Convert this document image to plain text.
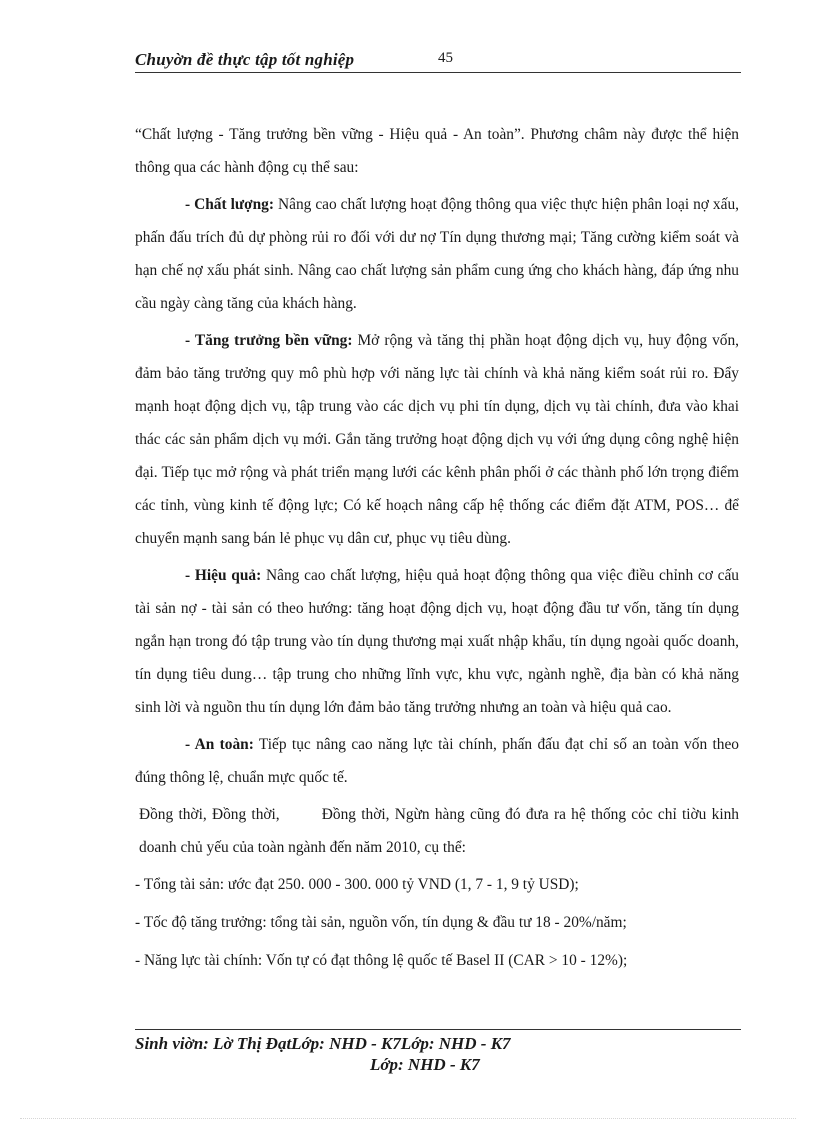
Chuyờn đề thực tập tốt nghiệp	45

“Chất lượng - Tăng trưởng bền vững - Hiệu quả - An toàn”. Phương châm này được thể hiện thông qua các hành động cụ thể sau:

- Chất lượng: Nâng cao chất lượng hoạt động thông qua việc thực hiện phân loại nợ xấu, phấn đấu trích đủ dự phòng rủi ro đối với dư nợ Tín dụng thương mại; Tăng cường kiểm soát và hạn chế nợ xấu phát sinh. Nâng cao chất lượng sản phẩm cung ứng cho khách hàng, đáp ứng nhu cầu ngày càng tăng của khách hàng.

- Tăng trưởng bền vững: Mở rộng và tăng thị phần hoạt động dịch vụ, huy động vốn, đảm bảo tăng trưởng quy mô phù hợp với năng lực tài chính và khả năng kiểm soát rủi ro. Đẩy mạnh hoạt động dịch vụ, tập trung vào các dịch vụ phi tín dụng, dịch vụ tài chính, đưa vào khai thác các sản phẩm dịch vụ mới. Gắn tăng trưởng hoạt động dịch vụ với ứng dụng công nghệ hiện đại. Tiếp tục mở rộng và phát triển mạng lưới các kênh phân phối ở các thành phố lớn trọng điểm các tỉnh, vùng kinh tế động lực; Có kế hoạch nâng cấp hệ thống các điểm đặt ATM, POS… để chuyển mạnh sang bán lẻ phục vụ dân cư, phục vụ tiêu dùng.

- Hiệu quả: Nâng cao chất lượng, hiệu quả hoạt động thông qua việc điều chỉnh cơ cấu tài sản nợ - tài sản có theo hướng: tăng hoạt động dịch vụ, hoạt động đầu tư vốn, tăng tín dụng ngắn hạn trong đó tập trung vào tín dụng thương mại xuất nhập khẩu, tín dụng ngoài quốc doanh, tín dụng tiêu dung… tập trung cho những lĩnh vực, khu vực, ngành nghề, địa bàn có khả năng sinh lời và nguồn thu tín dụng lớn đảm bảo tăng trưởng nhưng an toàn và hiệu quả cao.

- An toàn: Tiếp tục nâng cao năng lực tài chính, phấn đấu đạt chỉ số an toàn vốn theo đúng thông lệ, chuẩn mực quốc tế.

Đồng thời, Đồng thời,        Đồng thời, Ngừn hàng cũng đó đưa ra hệ thống cỏc chỉ tiờu kinh doanh chủ yếu của toàn ngành đến năm 2010, cụ thể:

- Tổng tài sản: ước đạt 250. 000 - 300. 000 tỷ VND (1, 7 - 1, 9 tỷ USD);

- Tốc độ tăng trưởng: tổng tài sản, nguồn vốn, tín dụng & đầu tư 18 - 20%/năm;

- Năng lực tài chính: Vốn tự có đạt thông lệ quốc tế Basel II (CAR > 10 - 12%);

Sinh viờn: Lờ Thị ĐạtLớp: NHD - K7Lớp: NHD - K7
Lớp: NHD - K7
